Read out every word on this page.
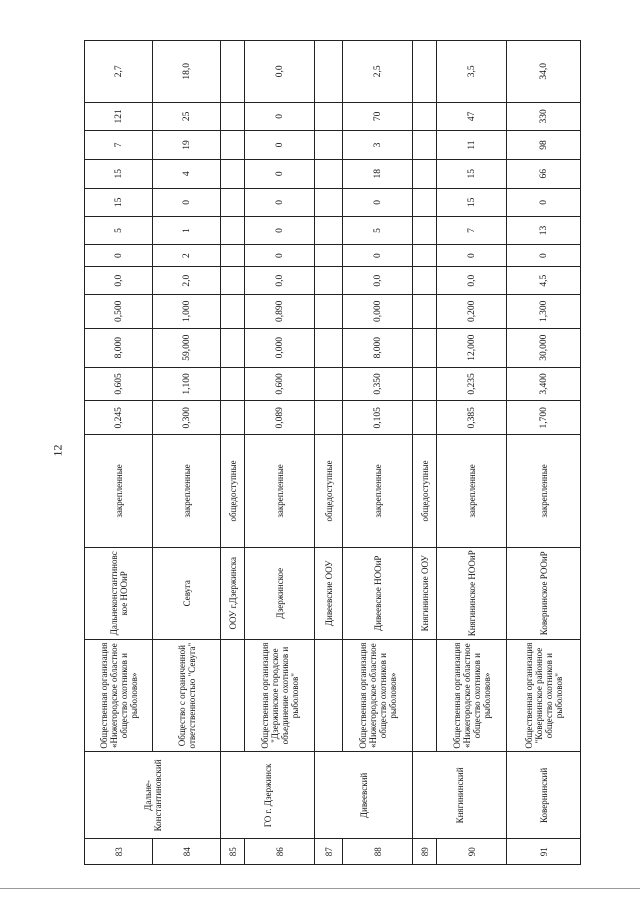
12
83	Дальне-Константиновский	Общественная организация «Нижегородское областное общество охотников и рыболовов»	Дальнеконстантиновское НООиР	закрепленные	0,245	0,605	8,000	0,500	0,0	0	5	15	15	7	121	2,7
84		Общество с ограниченной ответственностью "Севуга"	Севуга	закрепленные	0,300	1,100	59,000	1,000	2,0	2	1	0	4	19	25	18,0
85	ГО г. Дзержинск		ООУ г.Дзержинска	общедоступные												
86		Общественная организация "Дзержинское городское объединение охотников и рыболовов"	Дзержинское	закрепленные	0,089	0,600	0,000	0,890	0,0	0	0	0	0	0	0	0,0
87	Дивеевский		Дивеевские ООУ	общедоступные												
88		Общественная организация «Нижегородское областное общество охотников и рыболовов»	Дивеевское НООиР	закрепленные	0,105	0,350	8,000	0,000	0,0	0	5	0	18	3	70	2,5
89	Княгининский		Княгининские ООУ	общедоступные												
90		Общественная организация «Нижегородское областное общество охотников и рыболовов»	Княгининское НООиР	закрепленные	0,385	0,235	12,000	0,200	0,0	0	7	15	15	11	47	3,5
91	Ковернинский	Общественная организация "Ковернинское районное общество охотников и рыболовов"	Ковернинское РООиР	закрепленные	1,700	3,400	30,000	1,300	4,5	0	13	0	66	98	330	34,0
